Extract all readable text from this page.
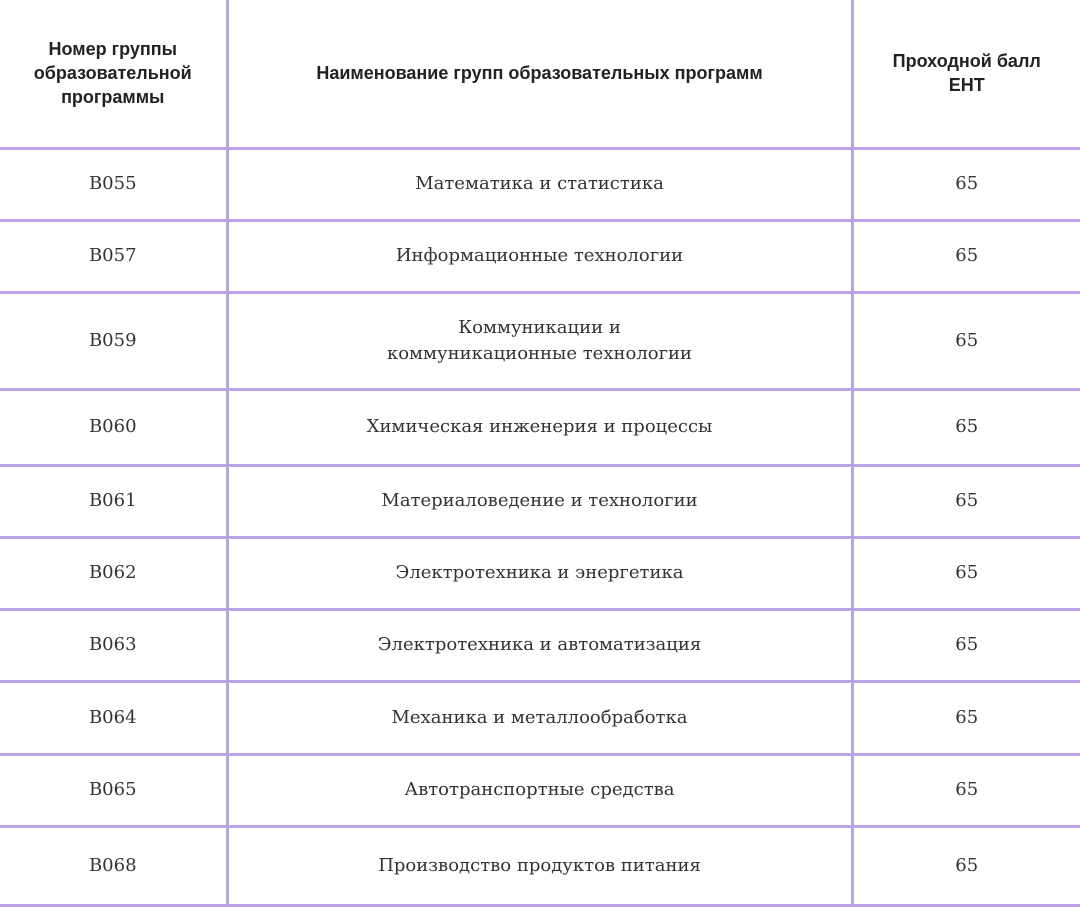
Номер группы образовательной программы	Наименование групп образовательных программ	Проходной балл ЕНТ
B055	Математика и статистика	65
B057	Информационные технологии	65
B059	Коммуникации и коммуникационные технологии	65
B060	Химическая инженерия и процессы	65
B061	Материаловедение и технологии	65
B062	Электротехника и энергетика	65
B063	Электротехника и автоматизация	65
B064	Механика и металлообработка	65
B065	Автотранспортные средства	65
B068	Производство продуктов питания	65
